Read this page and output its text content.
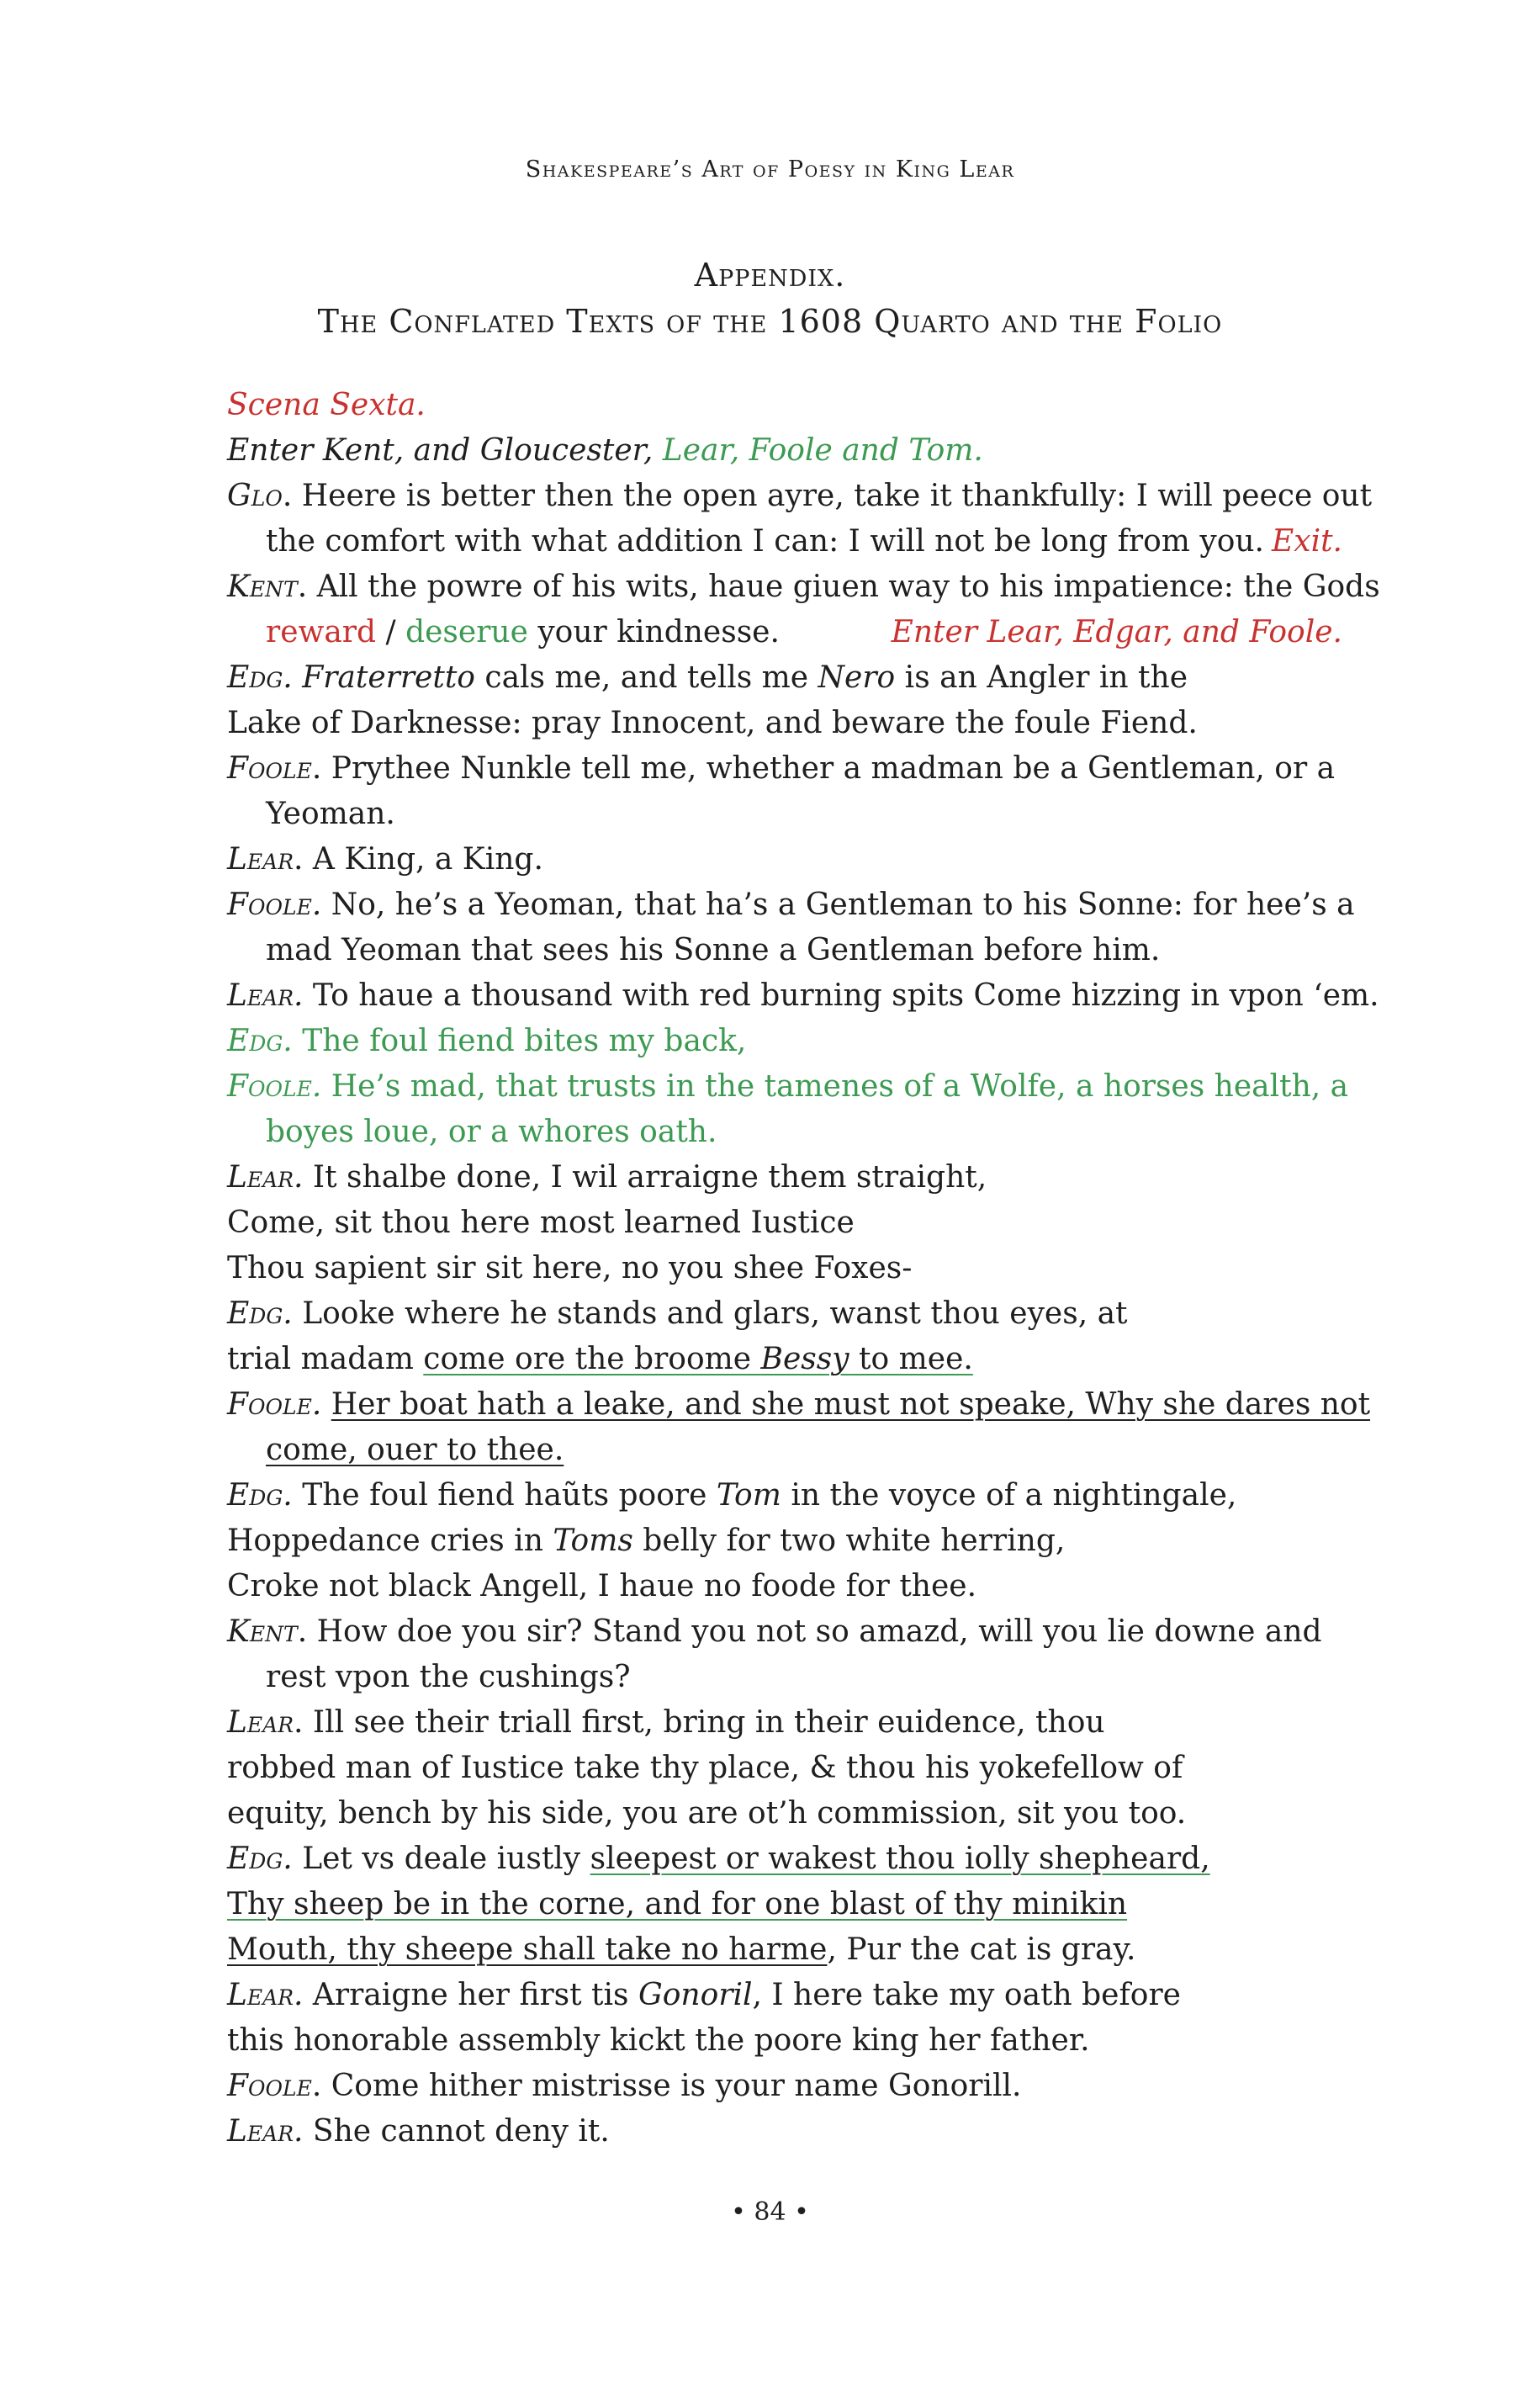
Shakespeare’s Art of Poesy in King Lear
Appendix.
The Conflated Texts of the 1608 Quarto and the Folio
Scena Sexta.
Enter Kent, and Gloucester, Lear, Foole and Tom.
Glo. Heere is better then the open ayre, take it thankfully: I will peece out
the comfort with what addition I can: I will not be long from you. Exit.
Kent. All the powre of his wits, haue giuen way to his impatience: the Gods
reward / deserue your kindnesse.	Enter Lear, Edgar, and Foole.
Edg. Fraterretto cals me, and tells me Nero is an Angler in the
Lake of Darknesse: pray Innocent, and beware the foule Fiend.
Foole. Prythee Nunkle tell me, whether a madman be a Gentleman, or a
Yeoman.
Lear. A King, a King.
Foole. No, he’s a Yeoman, that ha’s a Gentleman to his Sonne: for hee’s a
mad Yeoman that sees his Sonne a Gentleman before him.
Lear. To haue a thousand with red burning spits Come hizzing in vpon ‘em.
Edg. The foul fiend bites my back,
Foole. He’s mad, that trusts in the tamenes of a Wolfe, a horses health, a
boyes loue, or a whores oath.
Lear. It shalbe done, I wil arraigne them straight,
Come, sit thou here most learned Iustice
Thou sapient sir sit here, no you shee Foxes-
Edg. Looke where he stands and glars, wanst thou eyes, at
trial madam come ore the broome Bessy to mee.
Foole. Her boat hath a leake, and she must not speake, Why she dares not
come, ouer to thee.
Edg. The foul fiend haũts poore Tom in the voyce of a nightingale,
Hoppedance cries in Toms belly for two white herring,
Croke not black Angell, I haue no foode for thee.
Kent. How doe you sir? Stand you not so amazd, will you lie downe and
rest vpon the cushings?
Lear. Ill see their triall first, bring in their euidence, thou
robbed man of Iustice take thy place, & thou his yokefellow of
equity, bench by his side, you are ot’h commission, sit you too.
Edg. Let vs deale iustly sleepest or wakest thou iolly shepheard,
Thy sheep be in the corne, and for one blast of thy minikin
Mouth, thy sheepe shall take no harme, Pur the cat is gray.
Lear. Arraigne her first tis Gonoril, I here take my oath before
this honorable assembly kickt the poore king her father.
Foole. Come hither mistrisse is your name Gonorill.
Lear. She cannot deny it.
• 84 •
